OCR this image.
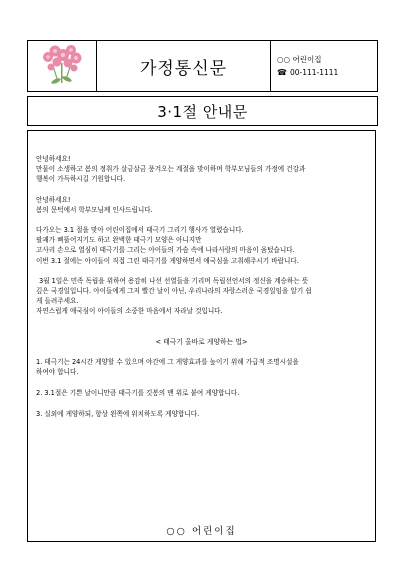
가정통신문	○○ 어린이집
☎ 00-111-1111
3·1절 안내문
안녕하세요!
만물이 소생하고 봄의 정취가 살금살금 풍겨오는 계절을 맞이하며 학부모님들의 가정에 건강과
행복이 가득하시길 기원합니다.
안녕하세요!
봄의 문턱에서 학부모님께 인사드립니다.
다가오는 3.1 절을 맞아 어린이집에서 태극기 그리기 행사가 열렸습니다.
팔괘가 삐뚤어지기도 하고 완벽한 태극기 모양은 아니지만
고사리 손으로 열심히 태극기를 그리는 아이들의 가슴 속에 나라사랑의 마음이 움텄습니다.
이번 3.1 절에는 아이들이 직접 그린 태극기를 게양하면서 애국심을 고취해주시기 바랍니다.
3월 1일은 민족 독립을 위하여 용감히 나선 선열들을 기리며 독립선언서의 정신을 계승하는 뜻
깊은 국경일입니다. 아이들에게 그저 빨간 날이 아닌, 우리나라의 자랑스러운 국경일임을 알기 쉽
게 들려주세요.
자연스럽게 애국심이 아이들의 소중한 마음에서 자라날 것입니다.
< 태극기 올바로 게양하는 법>
1. 태극기는 24시간 게양할 수 있으며 야간에 그 게양효과를 높이기 위해 가급적 조명시설을
하여야 합니다.
2. 3.1절은 기쁜 날이니만큼 태극기를 깃봉의 맨 위로 붙여 게양합니다.
3. 실외에 게양하되, 항상 왼쪽에 위치하도록 게양합니다.
○○ 어린이집
